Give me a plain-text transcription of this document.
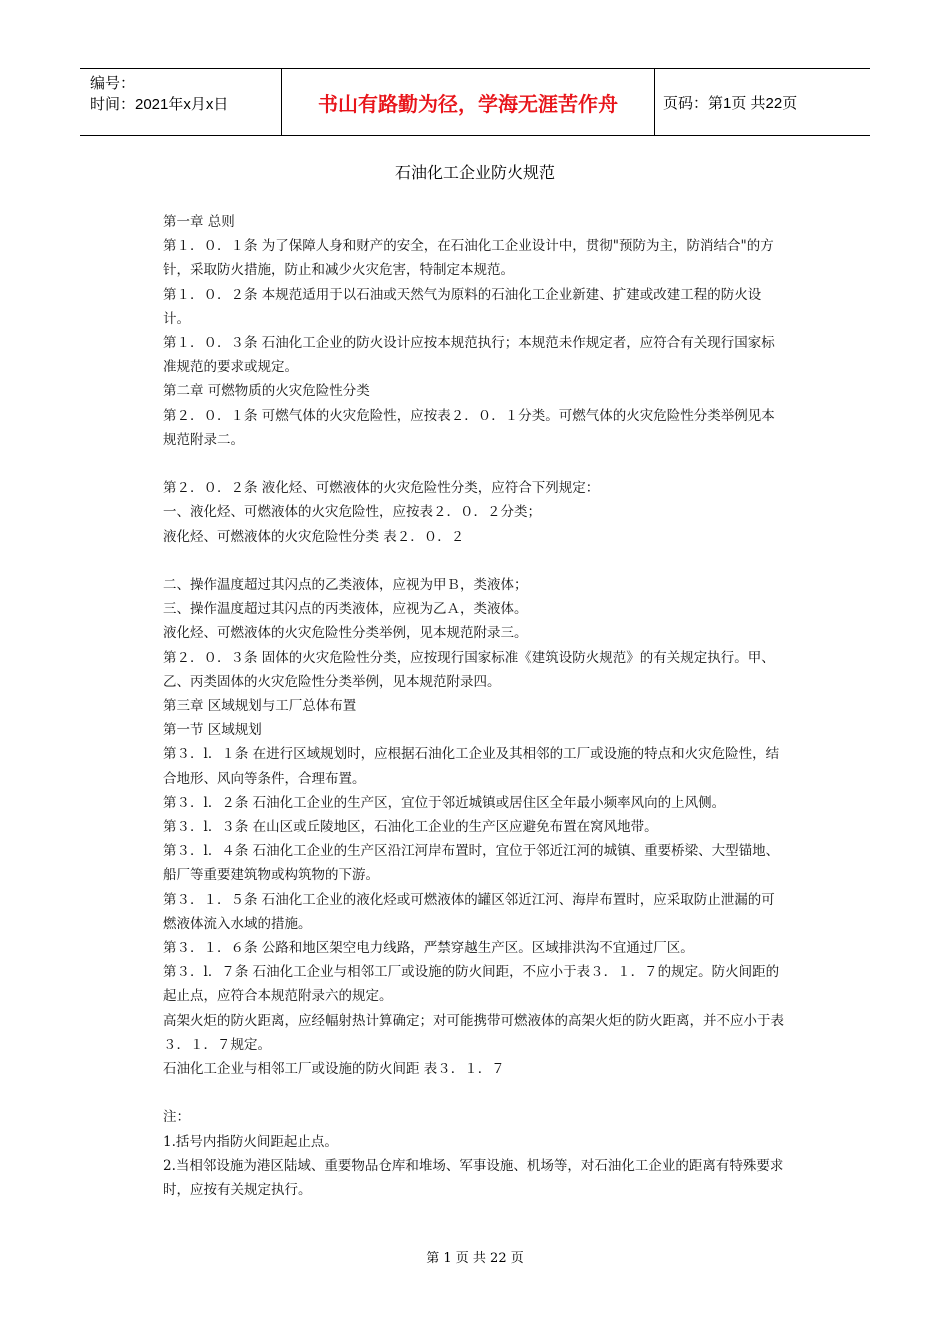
编号：
时间：2021年x月x日	书山有路勤为径，学海无涯苦作舟	页码：第1页 共22页
石油化工企业防火规范

第一章 总则

第１．０．１条 为了保障人身和财产的安全，在石油化工企业设计中，贯彻"预防为主，防消结合"的方针，采取防火措施，防止和减少火灾危害，特制定本规范。

第１．０．２条 本规范适用于以石油或天然气为原料的石油化工企业新建、扩建或改建工程的防火设计。

第１．０．３条 石油化工企业的防火设计应按本规范执行；本规范未作规定者，应符合有关现行国家标准规范的要求或规定。

第二章 可燃物质的火灾危险性分类

第２．０．１条 可燃气体的火灾危险性，应按表２．０．１分类。可燃气体的火灾危险性分类举例见本规范附录二。

第２．０．２条 液化烃、可燃液体的火灾危险性分类，应符合下列规定：

一、液化烃、可燃液体的火灾危险性，应按表２．０．２分类；

液化烃、可燃液体的火灾危险性分类 表２．０．２

二、操作温度超过其闪点的乙类液体，应视为甲Ｂ，类液体；

三、操作温度超过其闪点的丙类液体，应视为乙Ａ，类液体。

液化烃、可燃液体的火灾危险性分类举例，见本规范附录三。

第２．０．３条 固体的火灾危险性分类，应按现行国家标准《建筑设防火规范》的有关规定执行。甲、乙、丙类固体的火灾危险性分类举例，见本规范附录四。

第三章 区域规划与工厂总体布置

第一节 区域规划

第３．l．１条 在进行区域规划时，应根据石油化工企业及其相邻的工厂或设施的特点和火灾危险性，结合地形、风向等条件，合理布置。

第３．l．２条 石油化工企业的生产区，宜位于邻近城镇或居住区全年最小频率风向的上风侧。

第３．l．３条 在山区或丘陵地区，石油化工企业的生产区应避免布置在窝风地带。

第３．l．４条 石油化工企业的生产区沿江河岸布置时，宜位于邻近江河的城镇、重要桥梁、大型锚地、船厂等重要建筑物或构筑物的下游。

第３．１．５条 石油化工企业的液化烃或可燃液体的罐区邻近江河、海岸布置时，应采取防止泄漏的可燃液体流入水域的措施。

第３．１．６条 公路和地区架空电力线路，严禁穿越生产区。区域排洪沟不宜通过厂区。

第３．l．７条 石油化工企业与相邻工厂或设施的防火间距，不应小于表３．１．７的规定。防火间距的起止点，应符合本规范附录六的规定。

高架火炬的防火距离，应经幅射热计算确定；对可能携带可燃液体的高架火炬的防火距离，并不应小于表３．１．７规定。

石油化工企业与相邻工厂或设施的防火间距 表３．１．７

注：

1.括号内指防火间距起止点。

2.当相邻设施为港区陆域、重要物品仓库和堆场、军事设施、机场等，对石油化工企业的距离有特殊要求时，应按有关规定执行。

第 1 页 共 22 页
